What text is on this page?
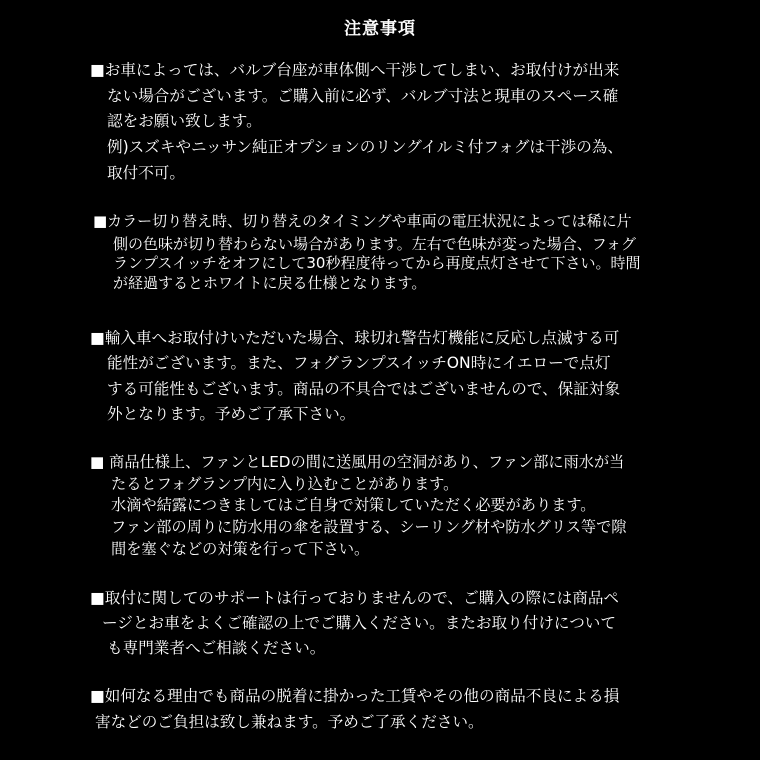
注意事項
■お車によっては、バルブ台座が車体側へ干渉してしまい、お取付けが出来
ない場合がございます。ご購入前に必ず、バルブ寸法と現車のスペース確
認をお願い致します。
例)スズキやニッサン純正オプションのリングイルミ付フォグは干渉の為、
取付不可。
■カラー切り替え時、切り替えのタイミングや車両の電圧状況によっては稀に片
側の色味が切り替わらない場合があります。左右で色味が変った場合、フォグ
ランプスイッチをオフにして30秒程度待ってから再度点灯させて下さい。時間
が経過するとホワイトに戻る仕様となります。
■輸入車へお取付けいただいた場合、球切れ警告灯機能に反応し点滅する可
能性がございます。また、フォグランプスイッチON時にイエローで点灯
する可能性もございます。商品の不具合ではございませんので、保証対象
外となります。予めご了承下さい。
■ 商品仕様上、ファンとLEDの間に送風用の空洞があり、ファン部に雨水が当
たるとフォグランプ内に入り込むことがあります。
水滴や結露につきましてはご自身で対策していただく必要があります。
ファン部の周りに防水用の傘を設置する、シーリング材や防水グリス等で隙
間を塞ぐなどの対策を行って下さい。
■取付に関してのサポートは行っておりませんので、ご購入の際には商品ペ
ージとお車をよくご確認の上でご購入ください。またお取り付けについて
も専門業者へご相談ください。
■如何なる理由でも商品の脱着に掛かった工賃やその他の商品不良による損
害などのご負担は致し兼ねます。予めご了承ください。
